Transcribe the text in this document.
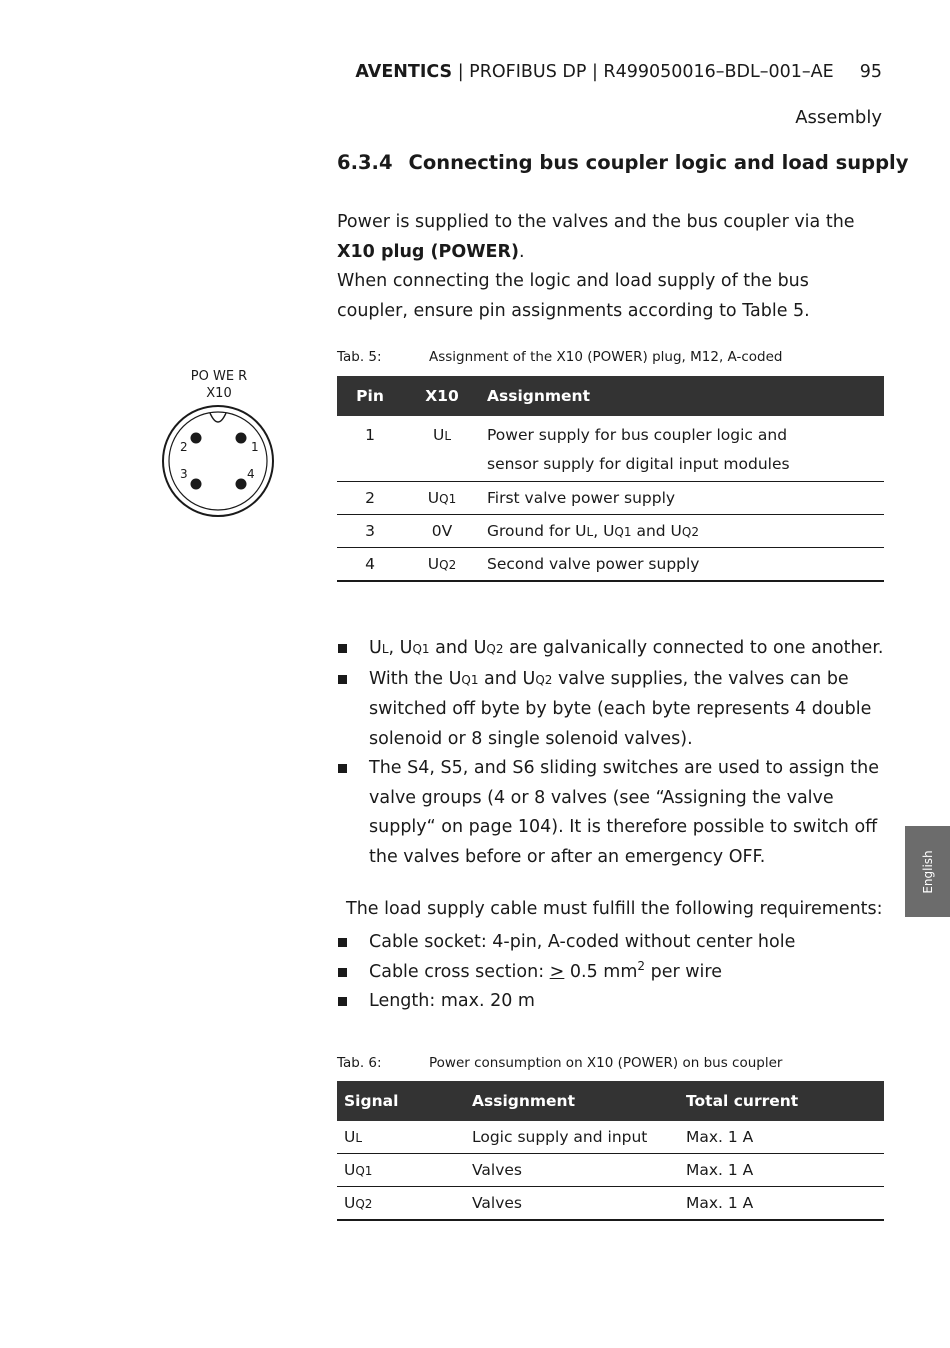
AVENTICS | PROFIBUS DP | R499050016–BDL–001–AE 95
Assembly
6.3.4 Connecting bus coupler logic and load supply
Power is supplied to the valves and the bus coupler via the X10 plug (POWER).
When connecting the logic and load supply of the bus coupler, ensure pin assignments according to Table 5.
PO WE R
X10
1
2
3	4
Tab. 5:	Assignment of the X10 (POWER) plug, M12, A-coded
Pin	X10	Assignment
1	UL	Power supply for bus coupler logic and
sensor supply for digital input modules

2	UQ1	First valve power supply
3	0V	Ground for UL, UQ1 and UQ2
4	UQ2	Second valve power supply
UL, UQ1 and UQ2 are galvanically connected to one another.
With the UQ1 and UQ2 valve supplies, the valves can be switched off byte by byte (each byte represents 4 double solenoid or 8 single solenoid valves).
The S4, S5, and S6 sliding switches are used to assign the valve groups (4 or 8 valves (see “Assigning the valve supply“ on page 104). It is therefore possible to switch off the valves before or after an emergency OFF.
The load supply cable must fulfill the following requirements:
Cable socket: 4-pin, A-coded without center hole
Cable cross section: > 0.5 $mm^2$ per wire
Length: max. 20 m
Tab. 6:	Power consumption on X10 (POWER) on bus coupler
Signal	Assignment	Total current
UL	Logic supply and input	Max. 1 A
UQ1	Valves	Max. 1 A
UQ2	Valves	Max. 1 A
English
